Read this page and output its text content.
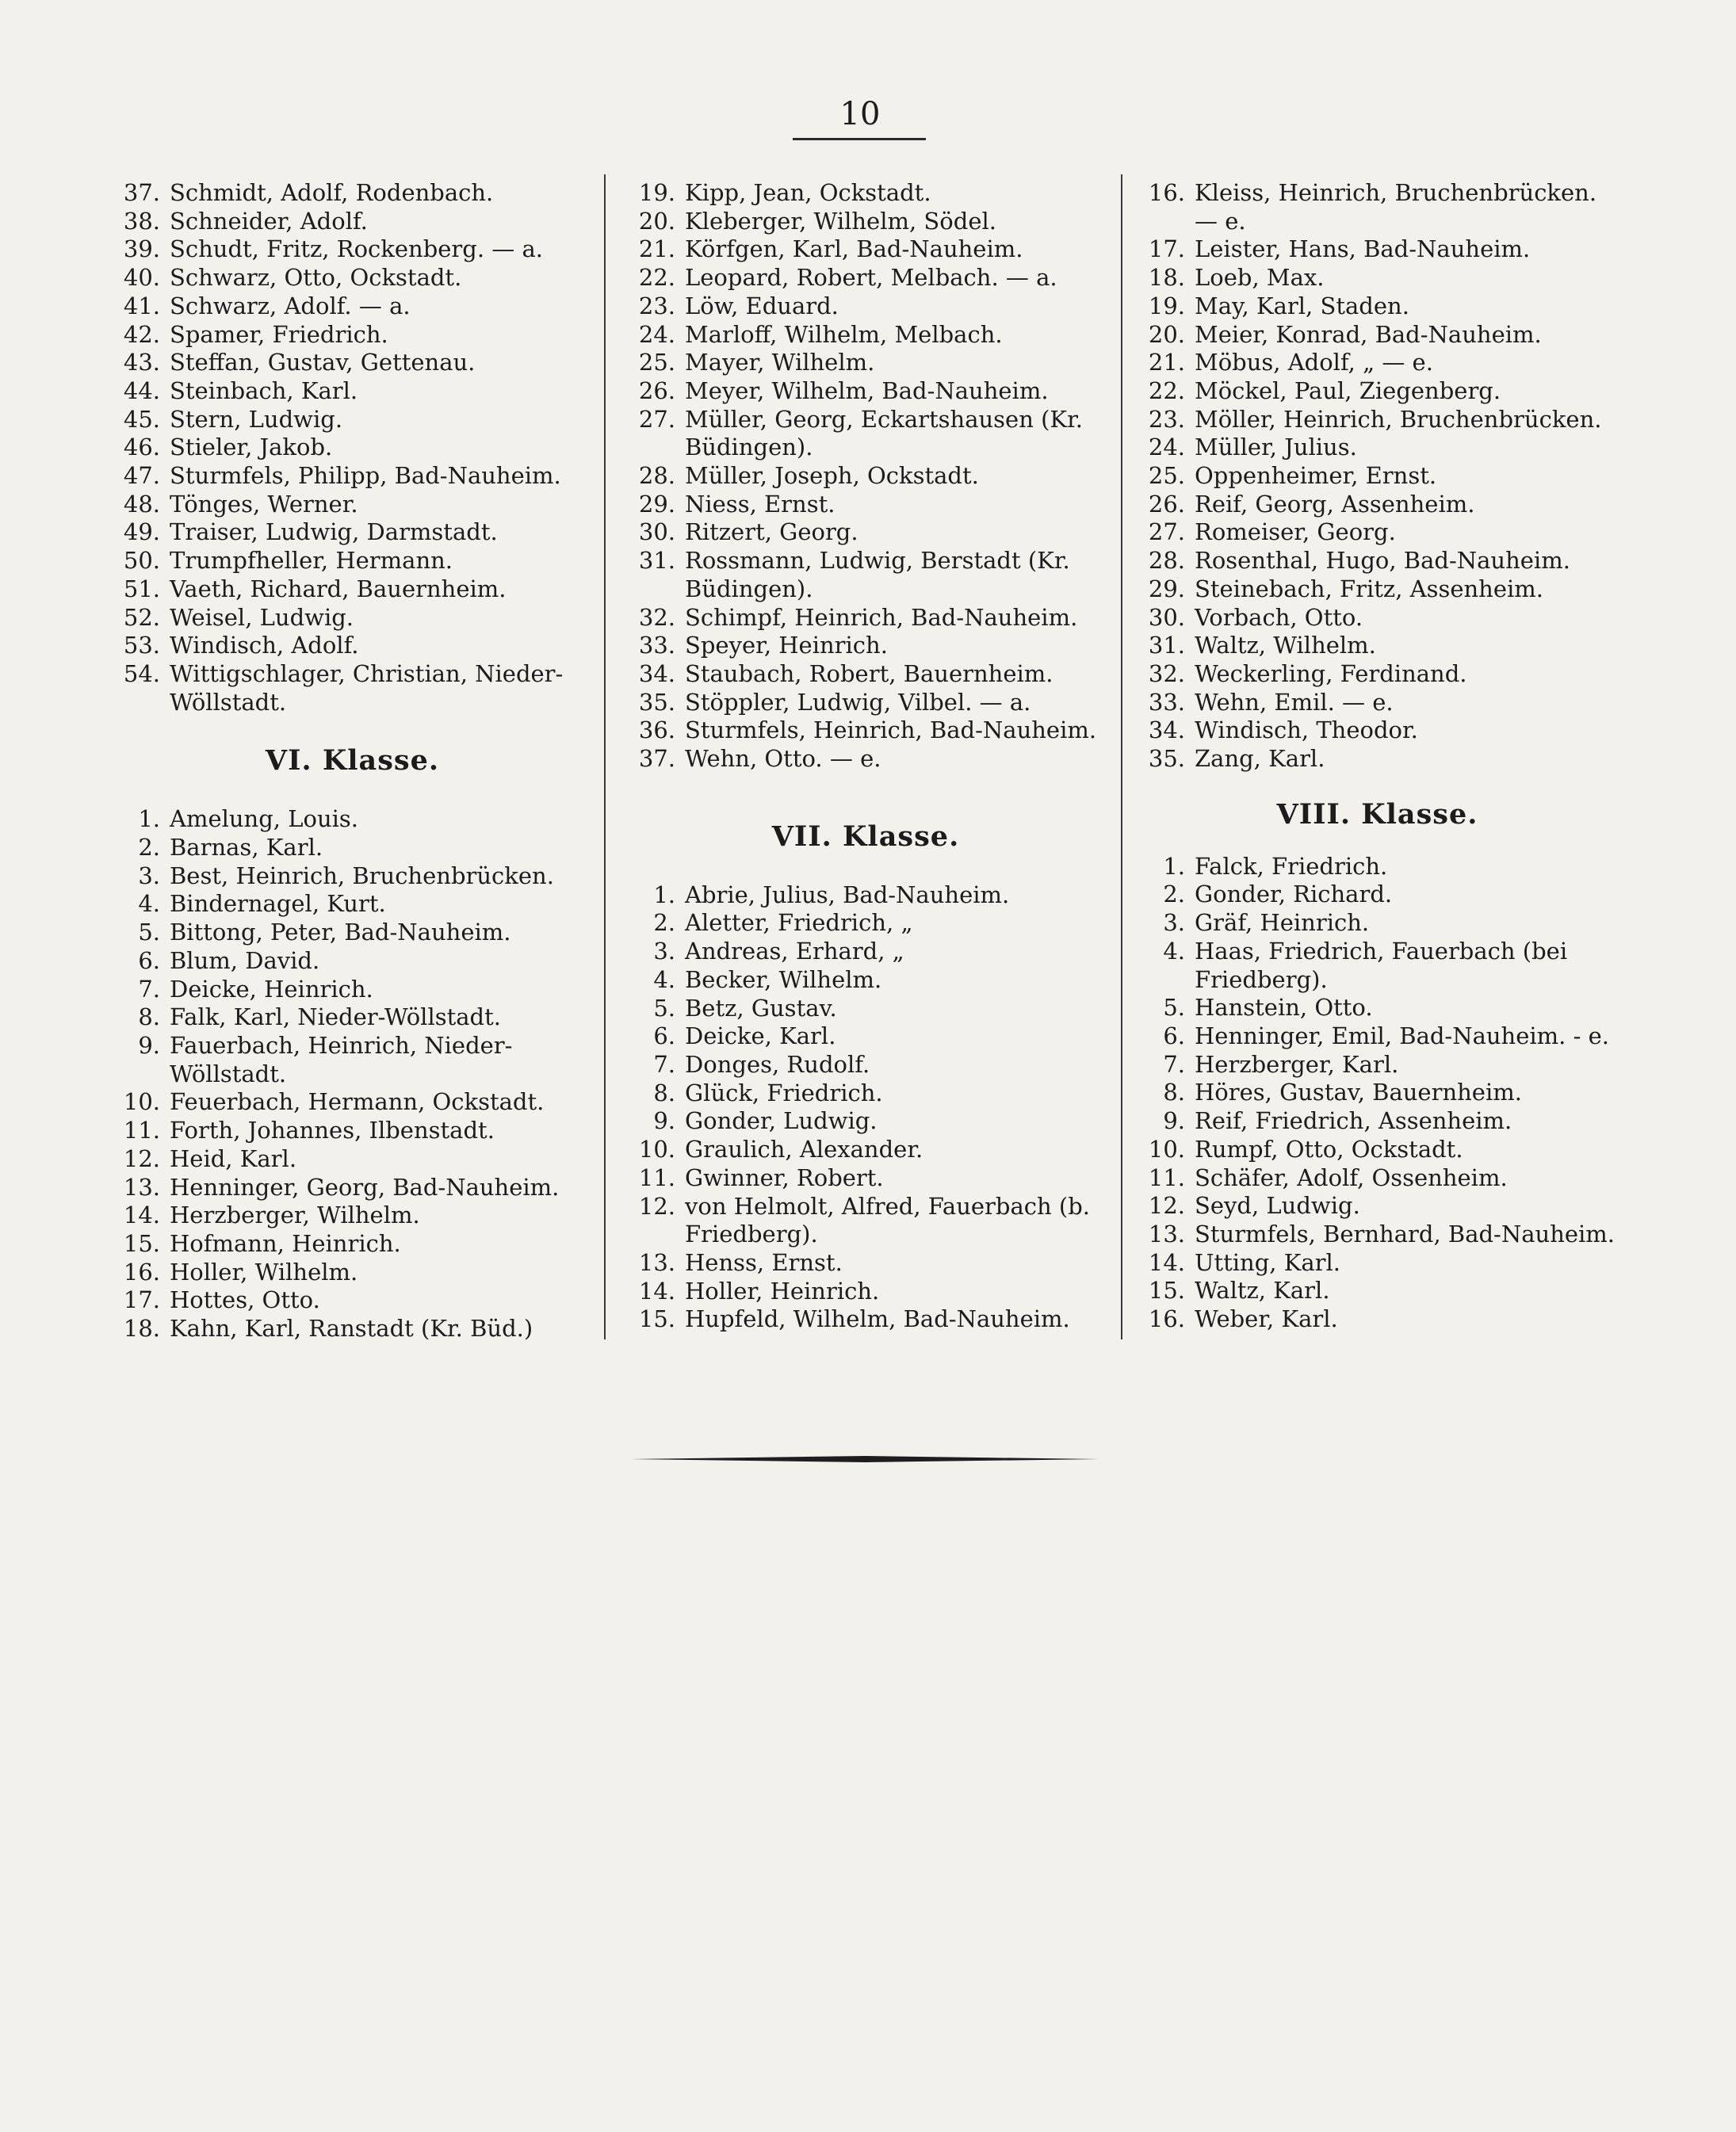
10
37. Schmidt, Adolf, Rodenbach.
38. Schneider, Adolf.
39. Schudt, Fritz, Rockenberg. — a.
40. Schwarz, Otto, Ockstadt.
41. Schwarz, Adolf. — a.
42. Spamer, Friedrich.
43. Steffan, Gustav, Gettenau.
44. Steinbach, Karl.
45. Stern, Ludwig.
46. Stieler, Jakob.
47. Sturmfels, Philipp, Bad-Nauheim.
48. Tönges, Werner.
49. Traiser, Ludwig, Darmstadt.
50. Trumpfheller, Hermann.
51. Vaeth, Richard, Bauernheim.
52. Weisel, Ludwig.
53. Windisch, Adolf.
54. Wittigschlager, Christian, Nieder-Wöllstadt.
VI. Klasse.
1. Amelung, Louis.
2. Barnas, Karl.
3. Best, Heinrich, Bruchenbrücken.
4. Bindernagel, Kurt.
5. Bittong, Peter, Bad-Nauheim.
6. Blum, David.
7. Deicke, Heinrich.
8. Falk, Karl, Nieder-Wöllstadt.
9. Fauerbach, Heinrich, Nieder-Wöllstadt.
10. Feuerbach, Hermann, Ockstadt.
11. Forth, Johannes, Ilbenstadt.
12. Heid, Karl.
13. Henninger, Georg, Bad-Nauheim.
14. Herzberger, Wilhelm.
15. Hofmann, Heinrich.
16. Holler, Wilhelm.
17. Hottes, Otto.
18. Kahn, Karl, Ranstadt (Kr. Büd.)
19. Kipp, Jean, Ockstadt.
20. Kleberger, Wilhelm, Södel.
21. Körfgen, Karl, Bad-Nauheim.
22. Leopard, Robert, Melbach. — a.
23. Löw, Eduard.
24. Marloff, Wilhelm, Melbach.
25. Mayer, Wilhelm.
26. Meyer, Wilhelm, Bad-Nauheim.
27. Müller, Georg, Eckartshausen (Kr. Büdingen).
28. Müller, Joseph, Ockstadt.
29. Niess, Ernst.
30. Ritzert, Georg.
31. Rossmann, Ludwig, Berstadt (Kr. Büdingen).
32. Schimpf, Heinrich, Bad-Nauheim.
33. Speyer, Heinrich.
34. Staubach, Robert, Bauernheim.
35. Stöppler, Ludwig, Vilbel. — a.
36. Sturmfels, Heinrich, Bad-Nauheim.
37. Wehn, Otto. — e.
VII. Klasse.
1. Abrie, Julius, Bad-Nauheim.
2. Aletter, Friedrich, „
3. Andreas, Erhard, „
4. Becker, Wilhelm.
5. Betz, Gustav.
6. Deicke, Karl.
7. Donges, Rudolf.
8. Glück, Friedrich.
9. Gonder, Ludwig.
10. Graulich, Alexander.
11. Gwinner, Robert.
12. von Helmolt, Alfred, Fauerbach (b. Friedberg).
13. Henss, Ernst.
14. Holler, Heinrich.
15. Hupfeld, Wilhelm, Bad-Nauheim.
16. Kleiss, Heinrich, Bruchenbrücken. — e.
17. Leister, Hans, Bad-Nauheim.
18. Loeb, Max.
19. May, Karl, Staden.
20. Meier, Konrad, Bad-Nauheim.
21. Möbus, Adolf, „ — e.
22. Möckel, Paul, Ziegenberg.
23. Möller, Heinrich, Bruchenbrücken.
24. Müller, Julius.
25. Oppenheimer, Ernst.
26. Reif, Georg, Assenheim.
27. Romeiser, Georg.
28. Rosenthal, Hugo, Bad-Nauheim.
29. Steinebach, Fritz, Assenheim.
30. Vorbach, Otto.
31. Waltz, Wilhelm.
32. Weckerling, Ferdinand.
33. Wehn, Emil. — e.
34. Windisch, Theodor.
35. Zang, Karl.
VIII. Klasse.
1. Falck, Friedrich.
2. Gonder, Richard.
3. Gräf, Heinrich.
4. Haas, Friedrich, Fauerbach (bei Friedberg).
5. Hanstein, Otto.
6. Henninger, Emil, Bad-Nauheim. - e.
7. Herzberger, Karl.
8. Höres, Gustav, Bauernheim.
9. Reif, Friedrich, Assenheim.
10. Rumpf, Otto, Ockstadt.
11. Schäfer, Adolf, Ossenheim.
12. Seyd, Ludwig.
13. Sturmfels, Bernhard, Bad-Nauheim.
14. Utting, Karl.
15. Waltz, Karl.
16. Weber, Karl.
